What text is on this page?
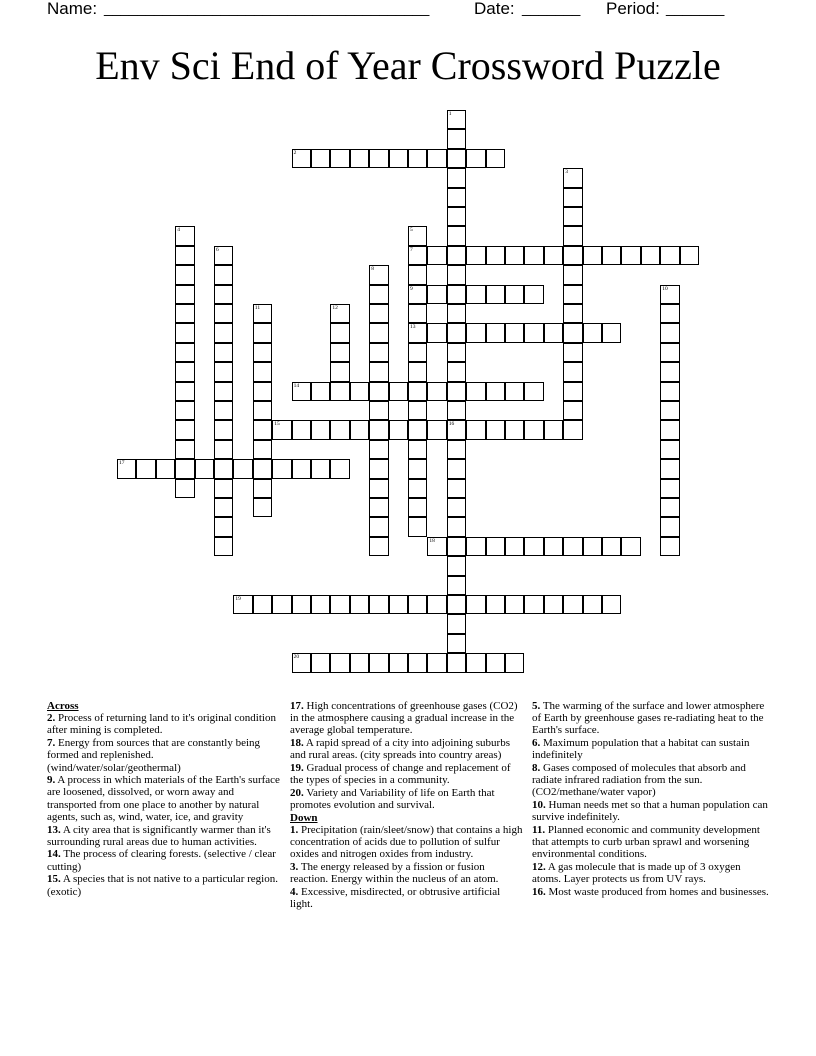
Name: _______________________________________	Date: _______ Period: _______
Env Sci End of Year Crossword Puzzle
1
16
2
3
4	5
7
9
13
6
8
10
11	12
14
15
17
18
19
20
Across
2. Process of returning land to it's original condition after mining is completed.
7. Energy from sources that are constantly being formed and replenished. (wind/water/solar/geothermal)
9. A process in which materials of the Earth's surface are loosened, dissolved, or worn away and transported from one place to another by natural agents, such as, wind, water, ice, and gravity
13. A city area that is significantly warmer than it's surrounding rural areas due to human activities.
14. The process of clearing forests. (selective / clear cutting)
15. A species that is not native to a particular region. (exotic)
17. High concentrations of greenhouse gases (CO2) in the atmosphere causing a gradual increase in the average global temperature.
18. A rapid spread of a city into adjoining suburbs and rural areas. (city spreads into country areas)
19. Gradual process of change and replacement of the types of species in a community.
20. Variety and Variability of life on Earth that promotes evolution and survival.
Down
1. Precipitation (rain/sleet/snow) that contains a high concentration of acids due to pollution of sulfur oxides and nitrogen oxides from industry.
3. The energy released by a fission or fusion reaction. Energy within the nucleus of an atom.
4. Excessive, misdirected, or obtrusive artificial light.
5. The warming of the surface and lower atmosphere of Earth by greenhouse gases re-radiating heat to the Earth's surface.
6. Maximum population that a habitat can sustain indefinitely
8. Gases composed of molecules that absorb and radiate infrared radiation from the sun. (CO2/methane/water vapor)
10. Human needs met so that a human population can survive indefinitely.
11. Planned economic and community development that attempts to curb urban sprawl and worsening environmental conditions.
12. A gas molecule that is made up of 3 oxygen atoms. Layer protects us from UV rays.
16. Most waste produced from homes and businesses.
